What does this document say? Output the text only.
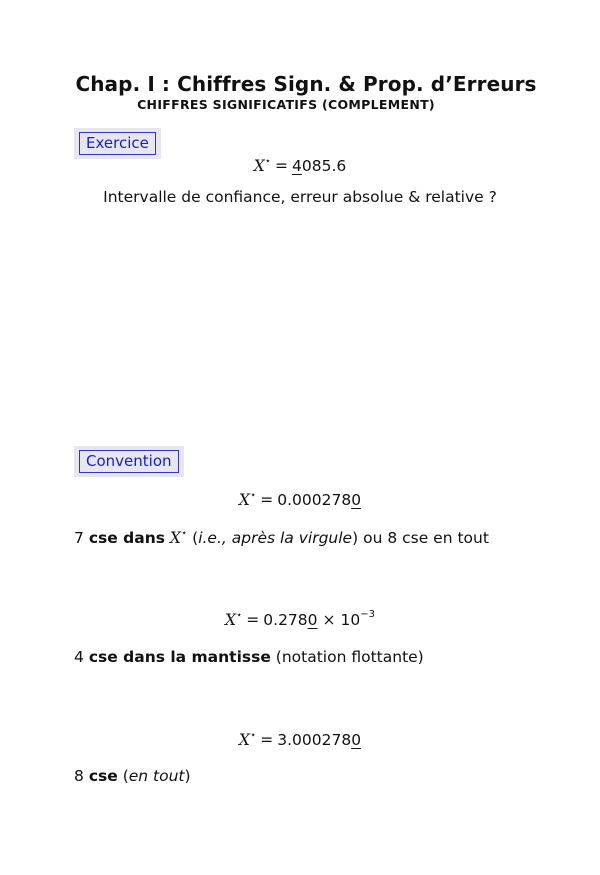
Chap. I : Chiffres Sign. & Prop. d’Erreurs
CHIFFRES SIGNIFICATIFS (COMPLEMENT)
Exercice
X⋆ = 4085.6
Intervalle de confiance, erreur absolue & relative ?
Convention
X⋆ = 0.0002780
7 cse dans X⋆ (i.e., après la virgule) ou 8 cse en tout
$X^⋆ = 0.2780 \times 10^{-3}$
4 cse dans la mantisse (notation flottante)
X⋆ = 3.0002780
8 cse (en tout)
